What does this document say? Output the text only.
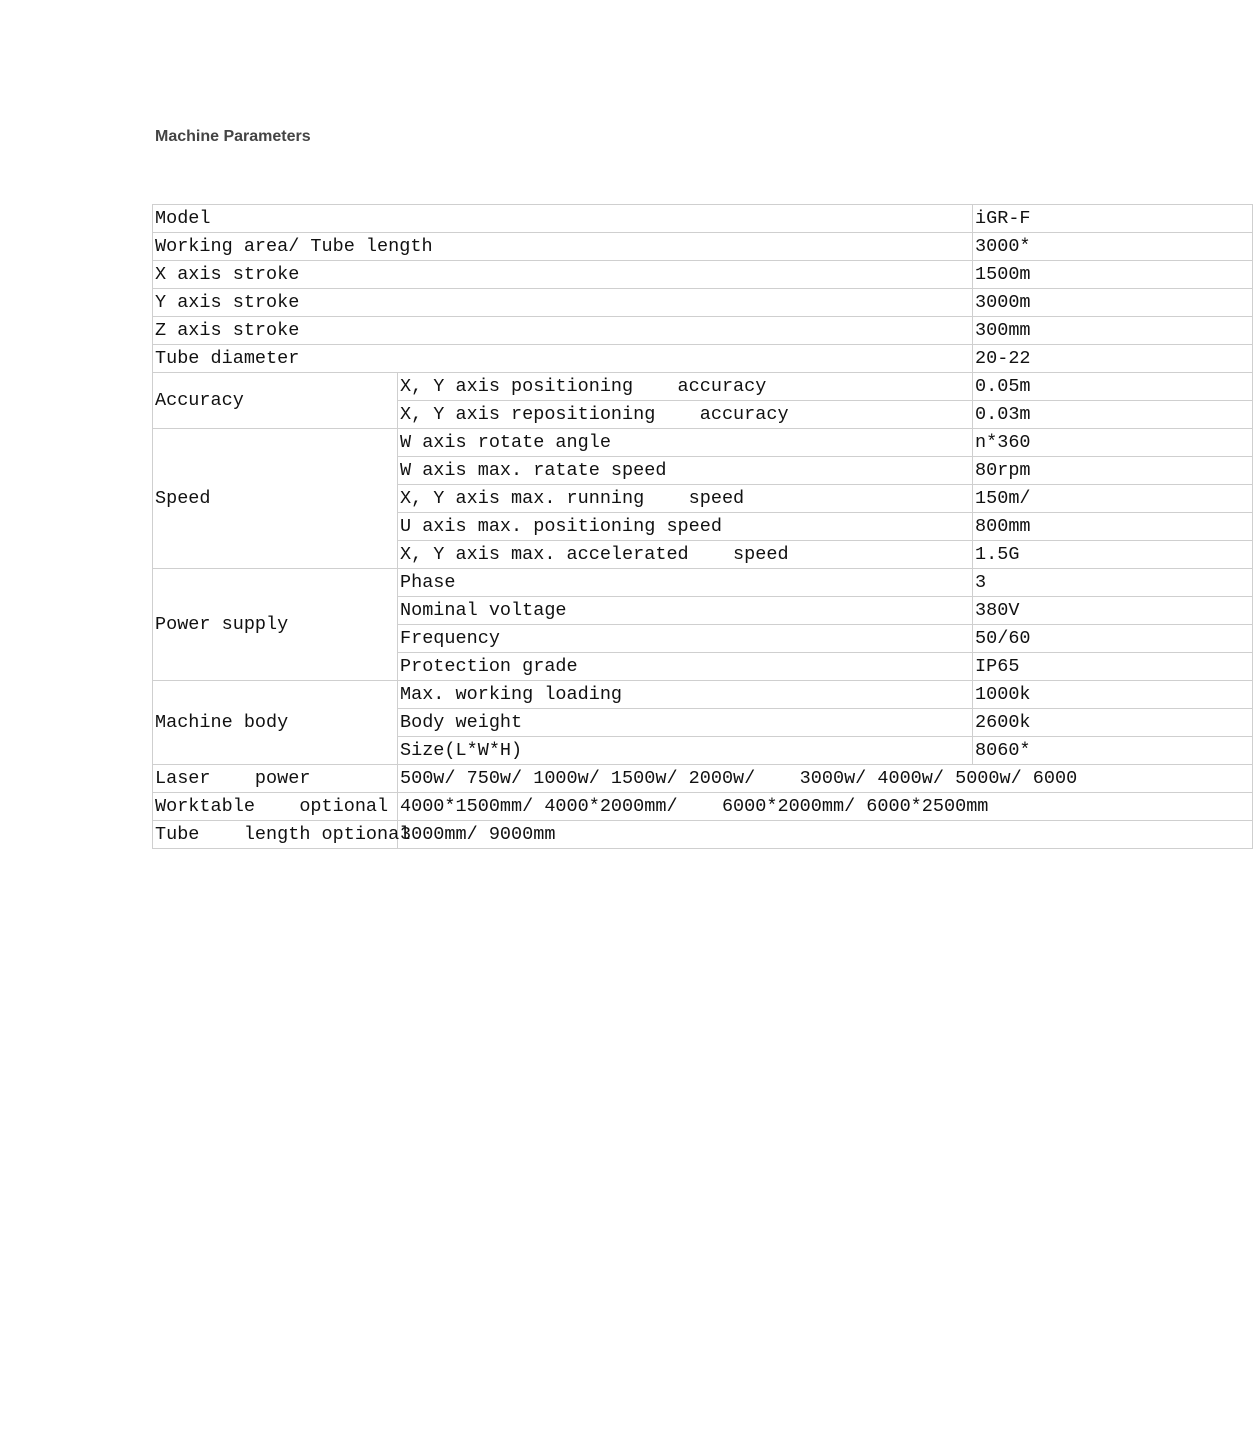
Machine Parameters
Model		iGR-F
Working area/ Tube length		3000*
X axis stroke		1500m
Y axis stroke		3000m
Z axis stroke		300mm
Tube diameter		20-22
Accuracy	X, Y axis positioning    accuracy	0.05m
	X, Y axis repositioning    accuracy	0.03m
Speed	W axis rotate angle	n*360
	W axis max. ratate speed	80rpm
	X, Y axis max. running    speed	150m/
	U axis max. positioning speed	800mm
	X, Y axis max. accelerated    speed	1.5G
Power supply	Phase	3
	Nominal voltage	380V
	Frequency	50/60
	Protection grade	IP65
Machine body	Max. working loading	1000k
	Body weight	2600k
	Size(L*W*H)	8060*
Laser    power	500w/ 750w/ 1000w/ 1500w/ 2000w/    3000w/ 4000w/ 5000w/ 6000	
Worktable    optional	4000*1500mm/ 4000*2000mm/    6000*2000mm/ 6000*2500mm	
Tube    length optional	3000mm/ 9000mm	
